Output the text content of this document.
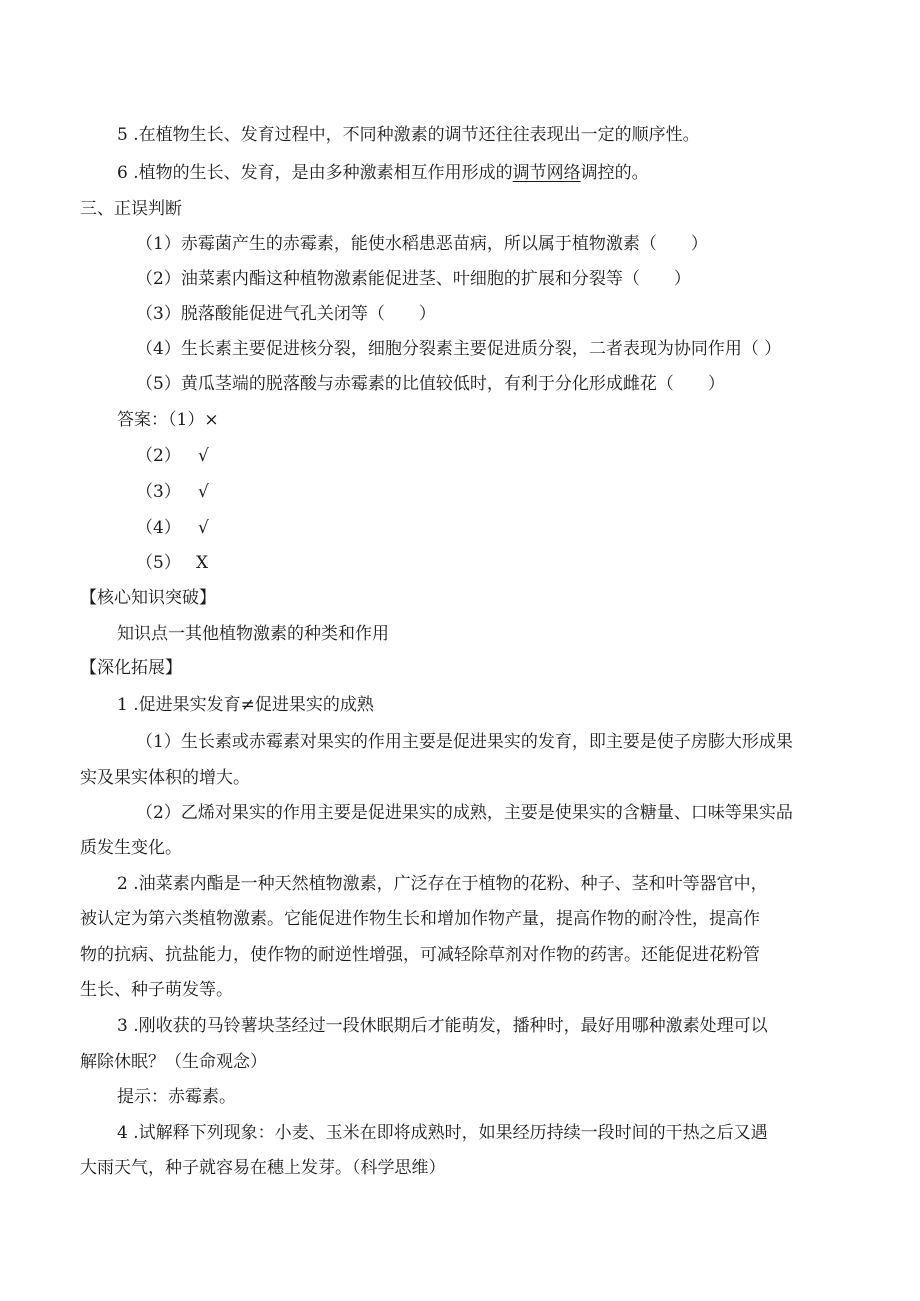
5 .在植物生长、发育过程中，不同种激素的调节还往往表现出一定的顺序性。
6 .植物的生长、发育，是由多种激素相互作用形成的调节网络调控的。
三、正误判断
（1）赤霉菌产生的赤霉素，能使水稻患恶苗病，所以属于植物激素（　　）
（2）油菜素内酯这种植物激素能促进茎、叶细胞的扩展和分裂等（　　）
（3）脱落酸能促进气孔关闭等（　　）
（4）生长素主要促进核分裂，细胞分裂素主要促进质分裂，二者表现为协同作用（ ）
（5）黄瓜茎端的脱落酸与赤霉素的比值较低时，有利于分化形成雌花（　　）
答案：（1）×
（2） √
（3） √
（4） √
（5） X
【核心知识突破】
知识点一其他植物激素的种类和作用
【深化拓展】
1 .促进果实发育≠促进果实的成熟
（1）生长素或赤霉素对果实的作用主要是促进果实的发育，即主要是使子房膨大形成果
实及果实体积的增大。
（2）乙烯对果实的作用主要是促进果实的成熟，主要是使果实的含糖量、口味等果实品
质发生变化。
2 .油菜素内酯是一种天然植物激素，广泛存在于植物的花粉、种子、茎和叶等器官中，
被认定为第六类植物激素。它能促进作物生长和增加作物产量，提高作物的耐冷性，提高作
物的抗病、抗盐能力，使作物的耐逆性增强，可减轻除草剂对作物的药害。还能促进花粉管
生长、种子萌发等。
3 .刚收获的马铃薯块茎经过一段休眠期后才能萌发，播种时，最好用哪种激素处理可以
解除休眠？（生命观念）
提示：赤霉素。
4 .试解释下列现象：小麦、玉米在即将成熟时，如果经历持续一段时间的干热之后又遇
大雨天气，种子就容易在穗上发芽。（科学思维）
